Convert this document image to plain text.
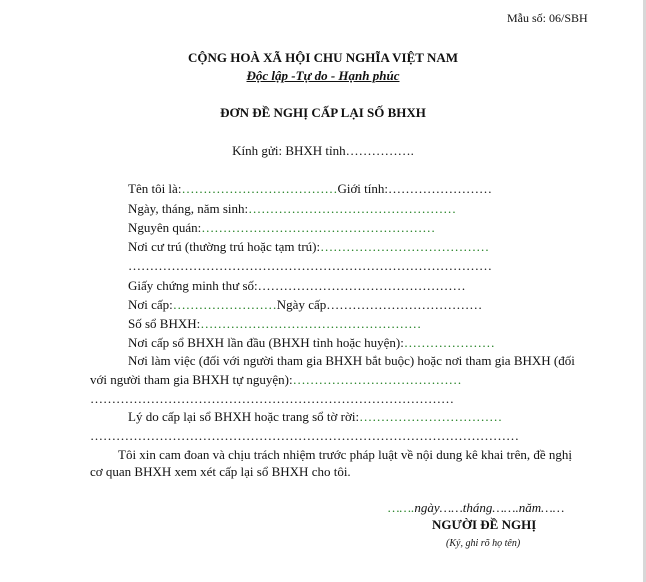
Mẫu số: 06/SBH
CỘNG HOÀ XÃ HỘI CHU NGHĨA VIỆT NAM
Độc lập -Tự do - Hạnh phúc
ĐƠN ĐỀ NGHỊ CẤP LẠI SỐ BHXH
Kính gửi: BHXH tỉnh…………….
Tên tôi là:………………………………Giới tính:……………………
Ngày, tháng, năm sinh:…………………………………………
Nguyên quán:………………………………………………
Nơi cư trú (thường trú hoặc tạm trú):…………………………………
…………………………………………………………………………
Giấy chứng minh thư số:…………………………………………
Nơi cấp:……………………Ngày cấp………………………………
Số sổ BHXH:……………………………………………
Nơi cấp sổ BHXH lần đầu (BHXH tỉnh hoặc huyện):…………………
Nơi làm việc (đối với người tham gia BHXH bắt buộc) hoặc nơi tham gia BHXH (đối
với người tham gia BHXH tự nguyện):…………………………………
…………………………………………………………………………
Lý do cấp lại sổ BHXH hoặc trang sổ tờ rời:……………………………
………………………………………………………………………………………
Tôi xin cam đoan và chịu trách nhiệm trước pháp luật về nội dung kê khai trên, đề nghị
cơ quan BHXH xem xét cấp lại sổ BHXH cho tôi.
…….ngày……tháng…….năm……
NGƯỜI ĐỀ NGHỊ
(Ký, ghi rõ họ tên)
